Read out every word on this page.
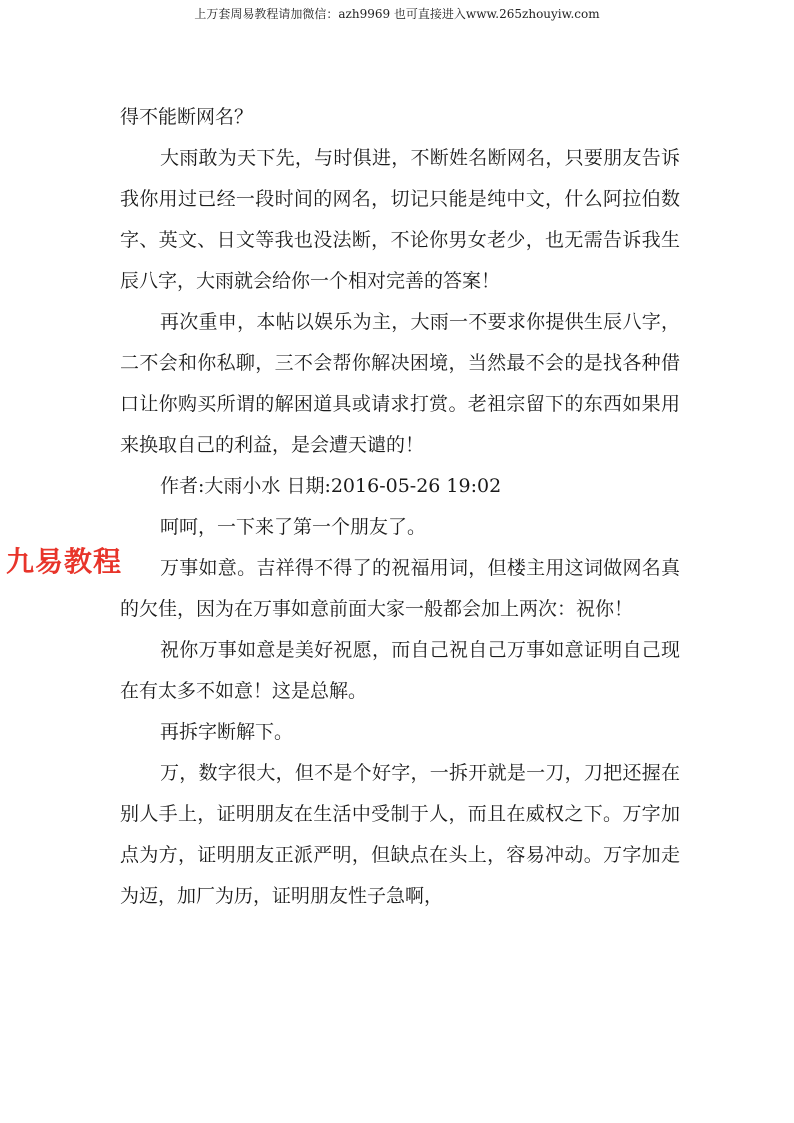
上万套周易教程请加微信：azh9969 也可直接进入www.265zhouyiw.com
九易教程

得不能断网名？

大雨敢为天下先，与时俱进，不断姓名断网名，只要朋友告诉我你用过已经一段时间的网名，切记只能是纯中文，什么阿拉伯数字、英文、日文等我也没法断，不论你男女老少，也无需告诉我生辰八字，大雨就会给你一个相对完善的答案！

再次重申，本帖以娱乐为主，大雨一不要求你提供生辰八字，二不会和你私聊，三不会帮你解决困境，当然最不会的是找各种借口让你购买所谓的解困道具或请求打赏。老祖宗留下的东西如果用来换取自己的利益，是会遭天谴的！

作者:大雨小水 日期:2016-05-26 19:02

呵呵，一下来了第一个朋友了。

万事如意。吉祥得不得了的祝福用词，但楼主用这词做网名真的欠佳，因为在万事如意前面大家一般都会加上两次：祝你！

祝你万事如意是美好祝愿，而自己祝自己万事如意证明自己现在有太多不如意！这是总解。

再拆字断解下。

万，数字很大，但不是个好字，一拆开就是一刀，刀把还握在别人手上，证明朋友在生活中受制于人，而且在威权之下。万字加点为方，证明朋友正派严明，但缺点在头上，容易冲动。万字加走为迈，加厂为历，证明朋友性子急啊，
